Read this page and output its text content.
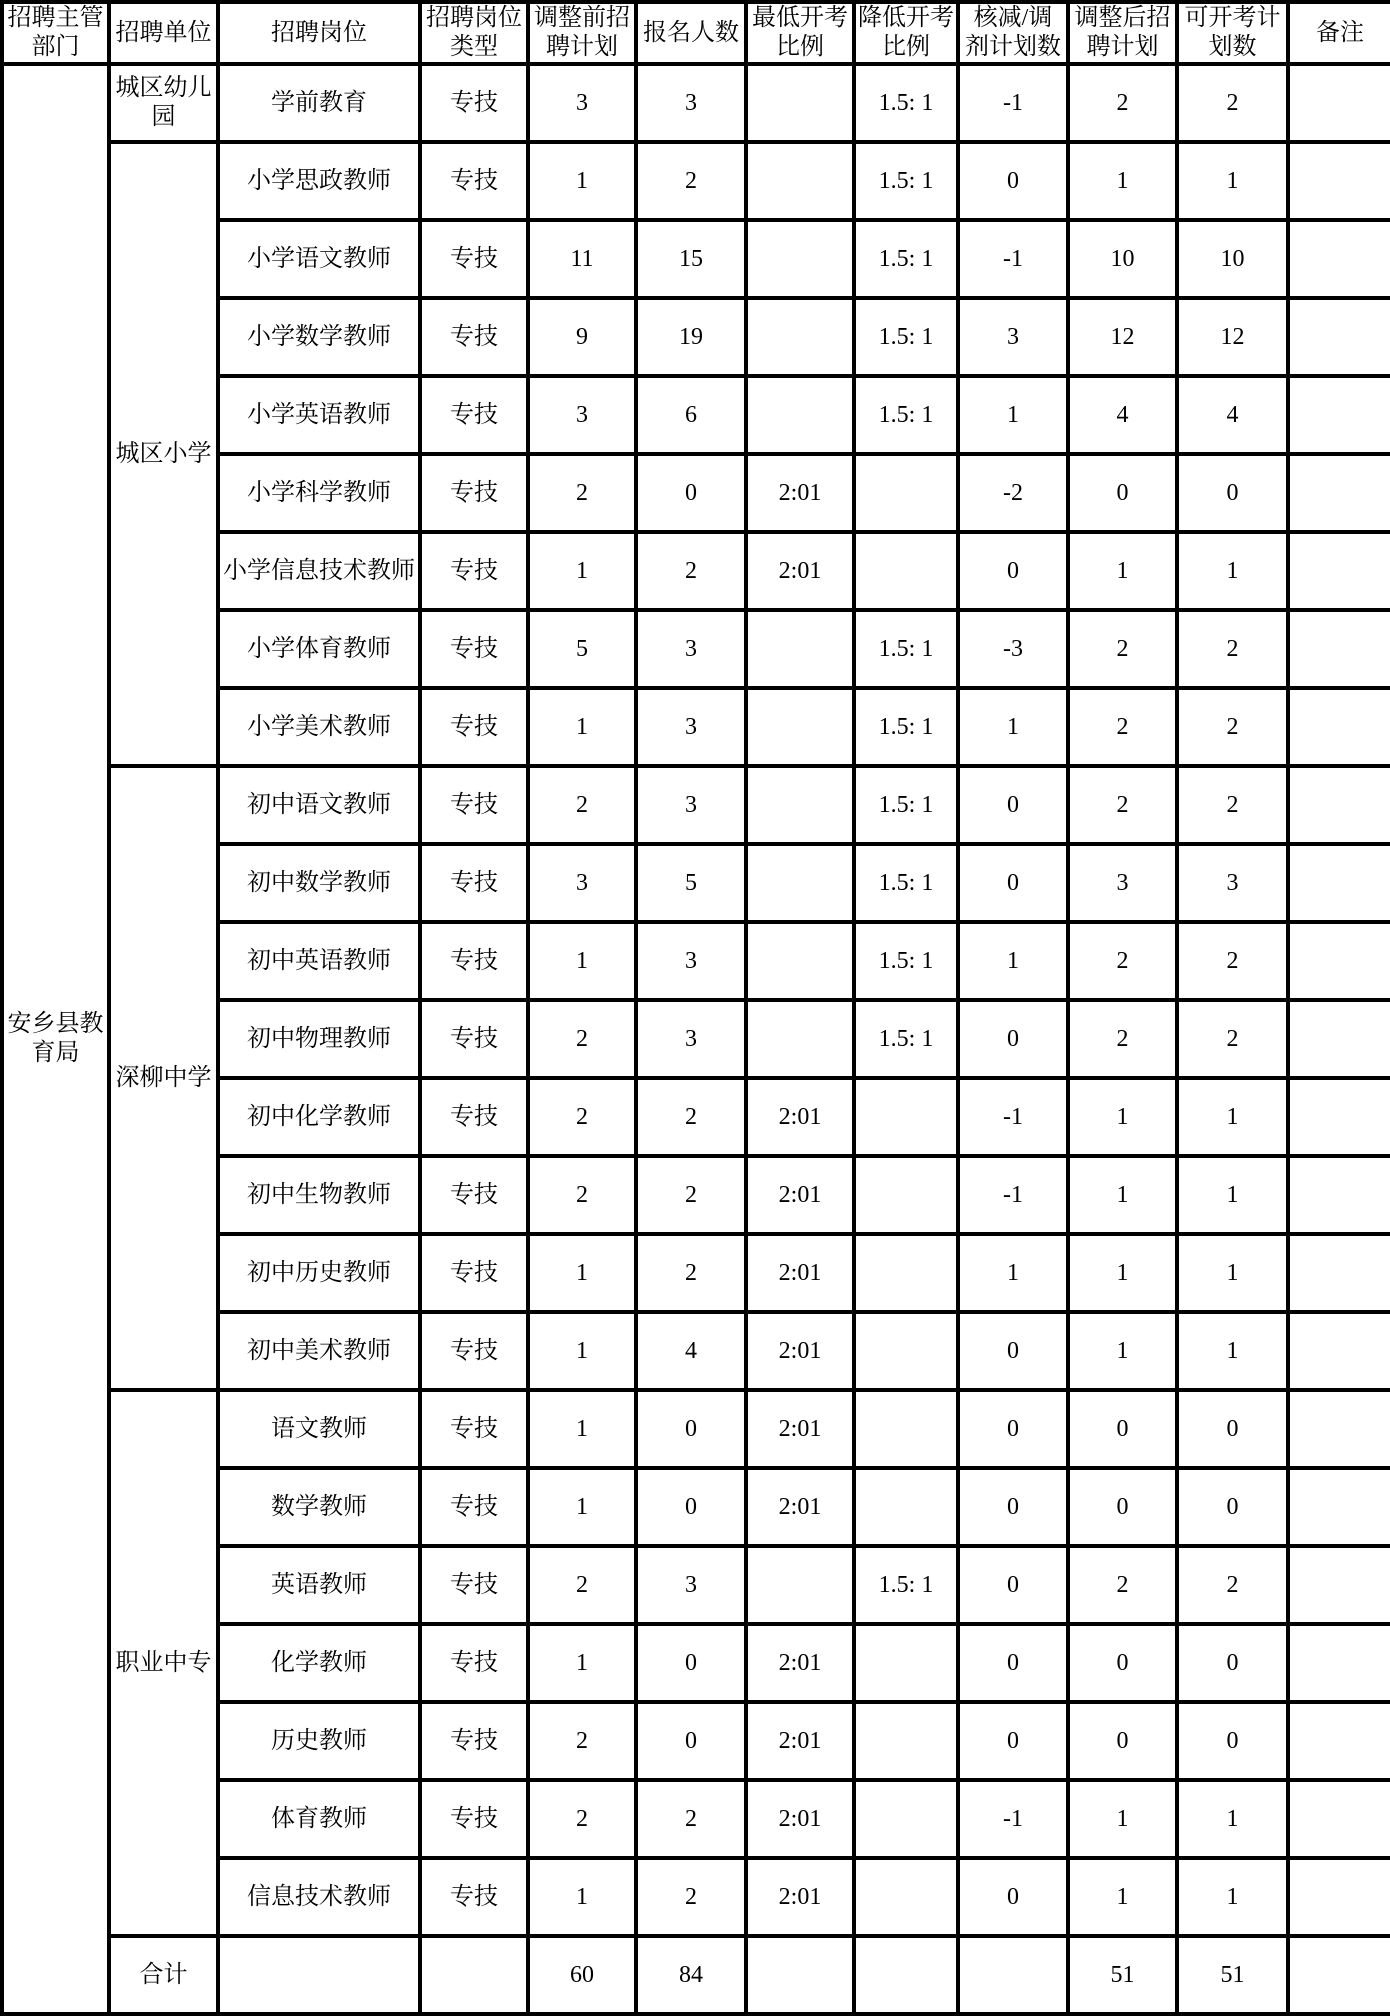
招聘主管部门	招聘单位	招聘岗位	招聘岗位类型	调整前招聘计划	报名人数	最低开考比例	降低开考比例	核减/调剂计划数	调整后招聘计划	可开考计划数	备注
安乡县教育局	城区幼儿园	学前教育	专技	3	3		1.5: 1	-1	2	2	
	城区小学	小学思政教师	专技	1	2		1.5: 1	0	1	1	
		小学语文教师	专技	11	15		1.5: 1	-1	10	10	
		小学数学教师	专技	9	19		1.5: 1	3	12	12	
		小学英语教师	专技	3	6		1.5: 1	1	4	4	
		小学科学教师	专技	2	0	2:01		-2	0	0	
		小学信息技术教师	专技	1	2	2:01		0	1	1	
		小学体育教师	专技	5	3		1.5: 1	-3	2	2	
		小学美术教师	专技	1	3		1.5: 1	1	2	2	
	深柳中学	初中语文教师	专技	2	3		1.5: 1	0	2	2	
		初中数学教师	专技	3	5		1.5: 1	0	3	3	
		初中英语教师	专技	1	3		1.5: 1	1	2	2	
		初中物理教师	专技	2	3		1.5: 1	0	2	2	
		初中化学教师	专技	2	2	2:01		-1	1	1	
		初中生物教师	专技	2	2	2:01		-1	1	1	
		初中历史教师	专技	1	2	2:01		1	1	1	
		初中美术教师	专技	1	4	2:01		0	1	1	
	职业中专	语文教师	专技	1	0	2:01		0	0	0	
		数学教师	专技	1	0	2:01		0	0	0	
		英语教师	专技	2	3		1.5: 1	0	2	2	
		化学教师	专技	1	0	2:01		0	0	0	
		历史教师	专技	2	0	2:01		0	0	0	
		体育教师	专技	2	2	2:01		-1	1	1	
		信息技术教师	专技	1	2	2:01		0	1	1	
	合计			60	84				51	51	
